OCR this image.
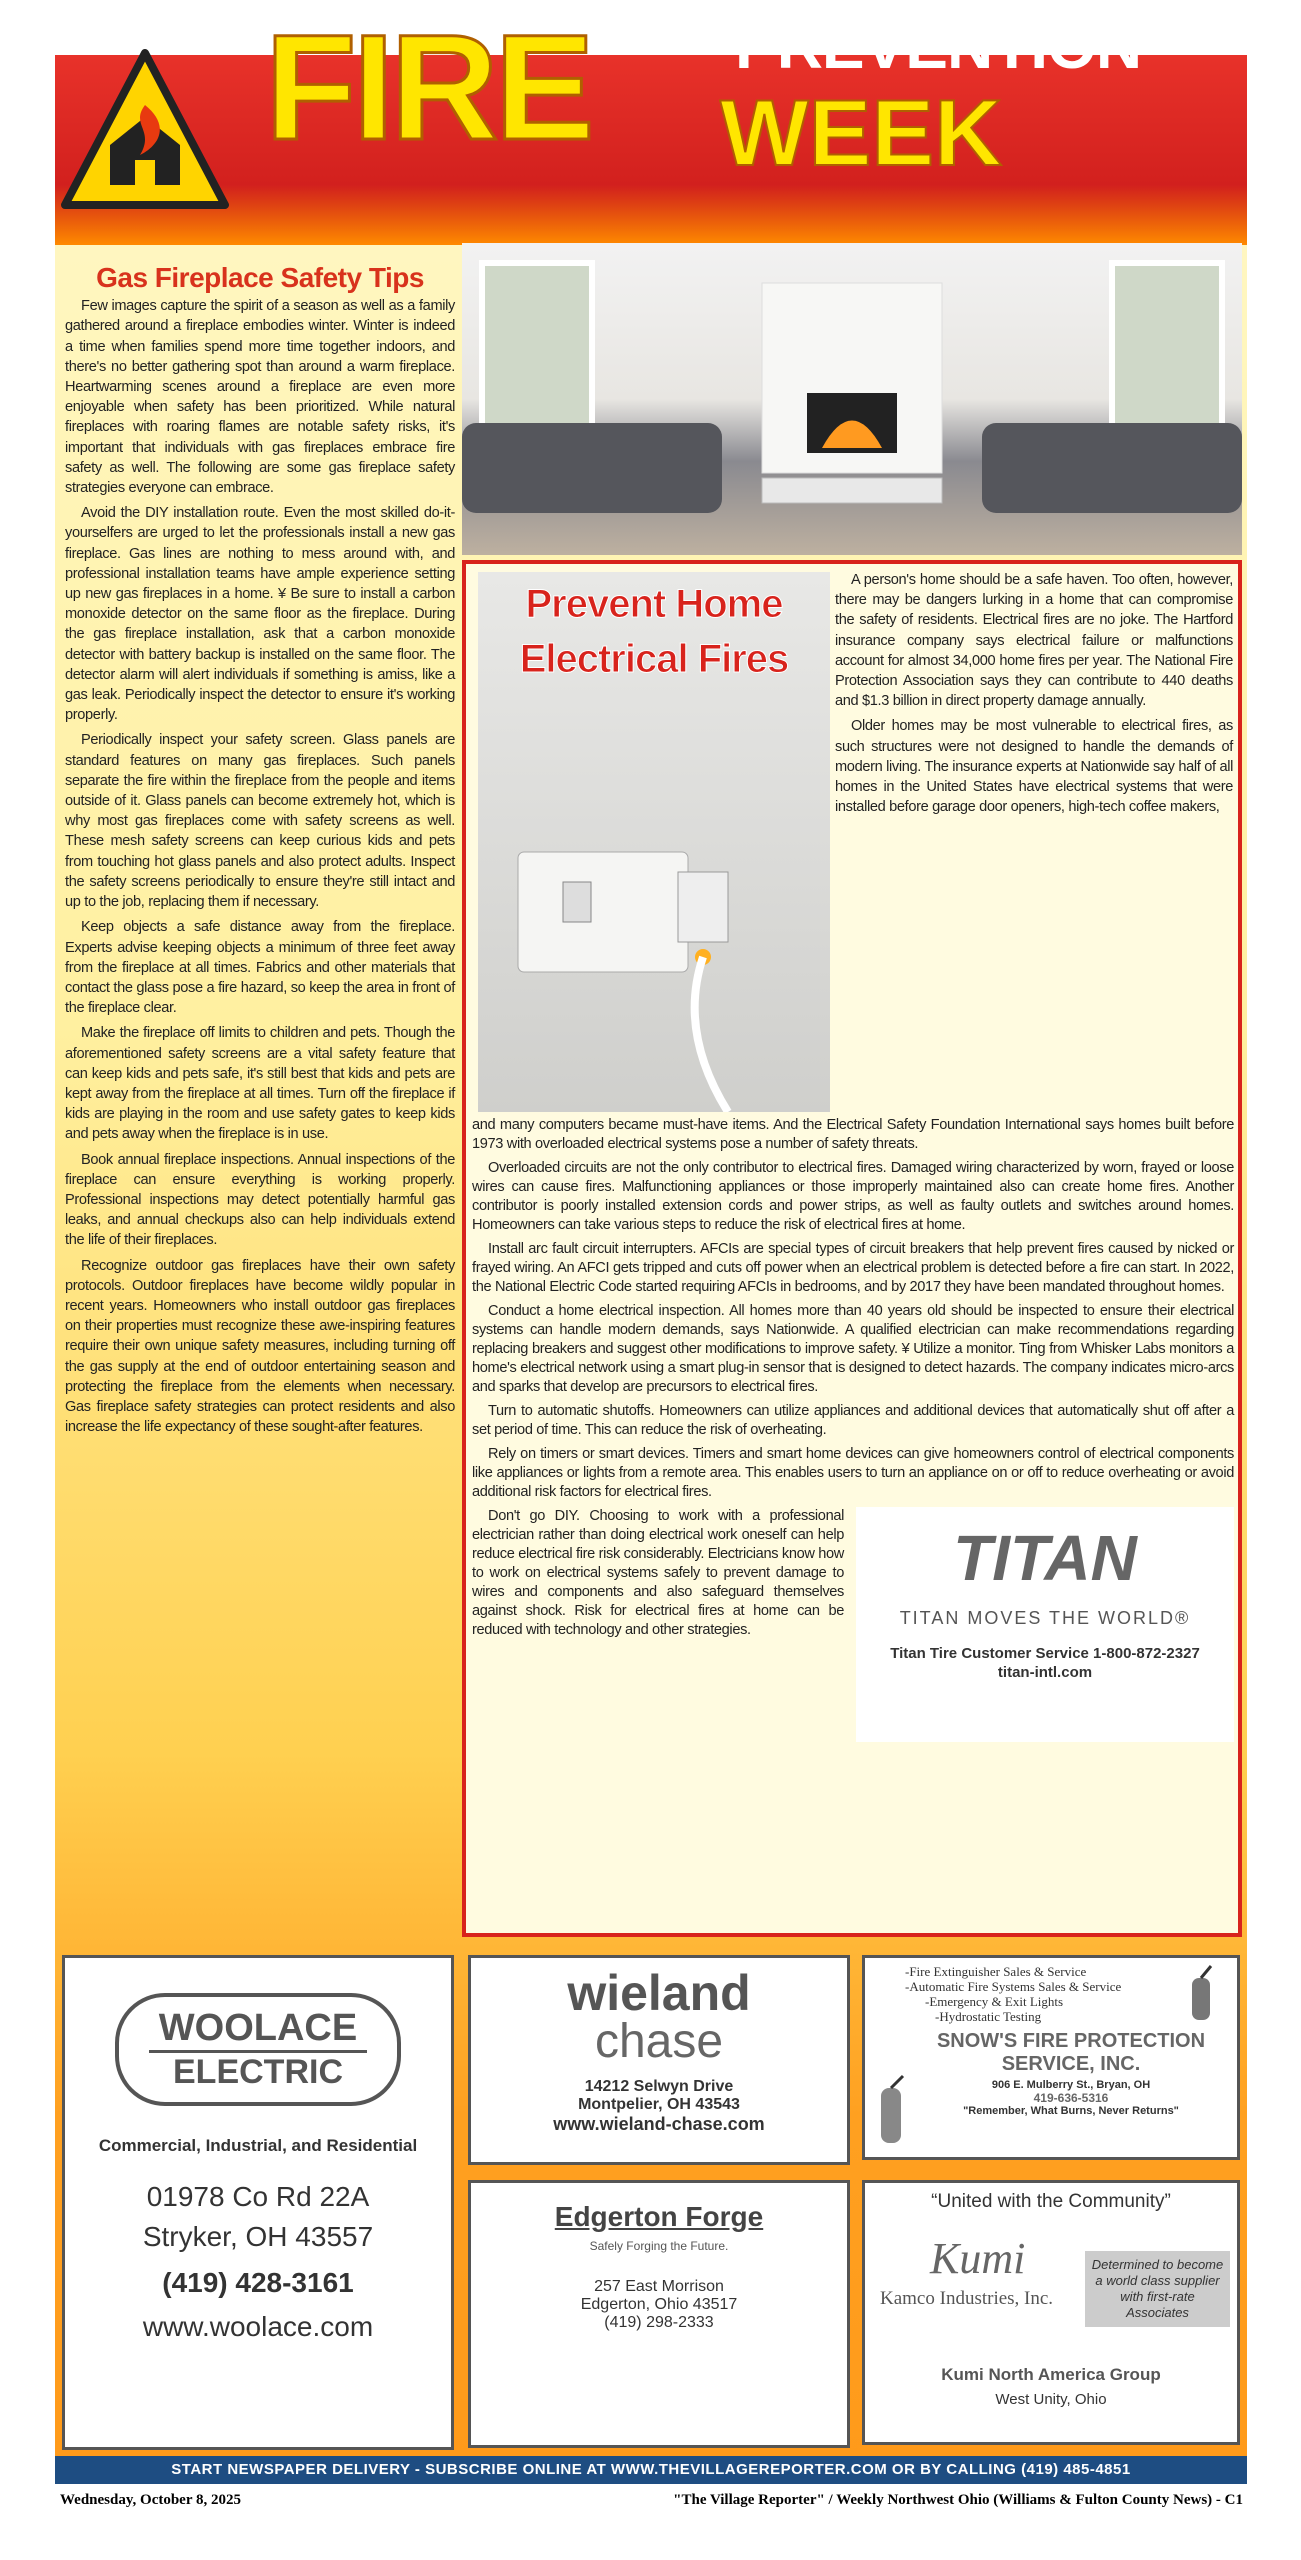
FIRE PREVENTION
WEEK
Gas Fireplace Safety Tips

Few images capture the spirit of a season as well as a family gathered around a fireplace embodies winter. Winter is indeed a time when families spend more time together indoors, and there's no better gathering spot than around a warm fireplace. Heartwarming scenes around a fireplace are even more enjoyable when safety has been prioritized. While natural fireplaces with roaring flames are notable safety risks, it's important that individuals with gas fireplaces embrace fire safety as well. The following are some gas fireplace safety strategies everyone can embrace.

Avoid the DIY installation route. Even the most skilled do-it-yourselfers are urged to let the professionals install a new gas fireplace. Gas lines are nothing to mess around with, and professional installation teams have ample experience setting up new gas fireplaces in a home. ¥ Be sure to install a carbon monoxide detector on the same floor as the fireplace. During the gas fireplace installation, ask that a carbon monoxide detector with battery backup is installed on the same floor. The detector alarm will alert individuals if something is amiss, like a gas leak. Periodically inspect the detector to ensure it's working properly.

Periodically inspect your safety screen. Glass panels are standard features on many gas fireplaces. Such panels separate the fire within the fireplace from the people and items outside of it. Glass panels can become extremely hot, which is why most gas fireplaces come with safety screens as well. These mesh safety screens can keep curious kids and pets from touching hot glass panels and also protect adults. Inspect the safety screens periodically to ensure they're still intact and up to the job, replacing them if necessary.

Keep objects a safe distance away from the fireplace. Experts advise keeping objects a minimum of three feet away from the fireplace at all times. Fabrics and other materials that contact the glass pose a fire hazard, so keep the area in front of the fireplace clear.

Make the fireplace off limits to children and pets. Though the aforementioned safety screens are a vital safety feature that can keep kids and pets safe, it's still best that kids and pets are kept away from the fireplace at all times. Turn off the fireplace if kids are playing in the room and use safety gates to keep kids and pets away when the fireplace is in use.

Book annual fireplace inspections. Annual inspections of the fireplace can ensure everything is working properly. Professional inspections may detect potentially harmful gas leaks, and annual checkups also can help individuals extend the life of their fireplaces.

Recognize outdoor gas fireplaces have their own safety protocols. Outdoor fireplaces have become wildly popular in recent years. Homeowners who install outdoor gas fireplaces on their properties must recognize these awe-inspiring features require their own unique safety measures, including turning off the gas supply at the end of outdoor entertaining season and protecting the fireplace from the elements when necessary. Gas fireplace safety strategies can protect residents and also increase the life expectancy of these sought-after features.

Prevent Home
Electrical Fires

A person's home should be a safe haven. Too often, however, there may be dangers lurking in a home that can compromise the safety of residents. Electrical fires are no joke. The Hartford insurance company says electrical failure or malfunctions account for almost 34,000 home fires per year. The National Fire Protection Association says they can contribute to 440 deaths and $1.3 billion in direct property damage annually.

Older homes may be most vulnerable to electrical fires, as such structures were not designed to handle the demands of modern living. The insurance experts at Nationwide say half of all homes in the United States have electrical systems that were installed before garage door openers, high-tech coffee makers,

and many computers became must-have items. And the Electrical Safety Foundation International says homes built before 1973 with overloaded electrical systems pose a number of safety threats.

Overloaded circuits are not the only contributor to electrical fires. Damaged wiring characterized by worn, frayed or loose wires can cause fires. Malfunctioning appliances or those improperly maintained also can create home fires. Another contributor is poorly installed extension cords and power strips, as well as faulty outlets and switches around homes. Homeowners can take various steps to reduce the risk of electrical fires at home.

Install arc fault circuit interrupters. AFCIs are special types of circuit breakers that help prevent fires caused by nicked or frayed wiring. An AFCI gets tripped and cuts off power when an electrical problem is detected before a fire can start. In 2022, the National Electric Code started requiring AFCIs in bedrooms, and by 2017 they have been mandated throughout homes.

Conduct a home electrical inspection. All homes more than 40 years old should be inspected to ensure their electrical systems can handle modern demands, says Nationwide. A qualified electrician can make recommendations regarding replacing breakers and suggest other modifications to improve safety. ¥ Utilize a monitor. Ting from Whisker Labs monitors a home's electrical network using a smart plug-in sensor that is designed to detect hazards. The company indicates micro-arcs and sparks that develop are precursors to electrical fires.

Turn to automatic shutoffs. Homeowners can utilize appliances and additional devices that automatically shut off after a set period of time. This can reduce the risk of overheating.

Rely on timers or smart devices. Timers and smart home devices can give homeowners control of electrical components like appliances or lights from a remote area. This enables users to turn an appliance on or off to reduce overheating or avoid additional risk factors for electrical fires.

Don't go DIY. Choosing to work with a professional electrician rather than doing electrical work oneself can help reduce electrical fire risk considerably. Electricians know how to work on electrical systems safely to prevent damage to wires and components and also safeguard themselves against shock. Risk for electrical fires at home can be reduced with technology and other strategies.

TITAN
TITAN MOVES THE WORLD®
Titan Tire Customer Service 1-800-872-2327
titan-intl.com
WOOLACE
ELECTRIC
Commercial, Industrial, and Residential
01978 Co Rd 22A
Stryker, OH 43557
(419) 428-3161
www.woolace.com
wieland
chase
14212 Selwyn Drive
Montpelier, OH 43543
www.wieland-chase.com
-Fire Extinguisher Sales & Service
-Automatic Fire Systems Sales & Service
-Emergency & Exit Lights
-Hydrostatic Testing
SNOW'S FIRE PROTECTION
SERVICE, INC.
906 E. Mulberry St., Bryan, OH
419-636-5316
"Remember, What Burns, Never Returns"
Edgerton Forge
Safely Forging the Future.
257 East Morrison
Edgerton, Ohio 43517
(419) 298-2333
“United with the Community”
Kumi
Kamco Industries, Inc.
Determined to become a world class supplier with first-rate Associates
Kumi North America Group
West Unity, Ohio
START NEWSPAPER DELIVERY - SUBSCRIBE ONLINE AT WWW.THEVILLAGEREPORTER.COM OR BY CALLING (419) 485-4851
Wednesday, October 8, 2025	"The Village Reporter" / Weekly Northwest Ohio (Williams & Fulton County News) - C1
